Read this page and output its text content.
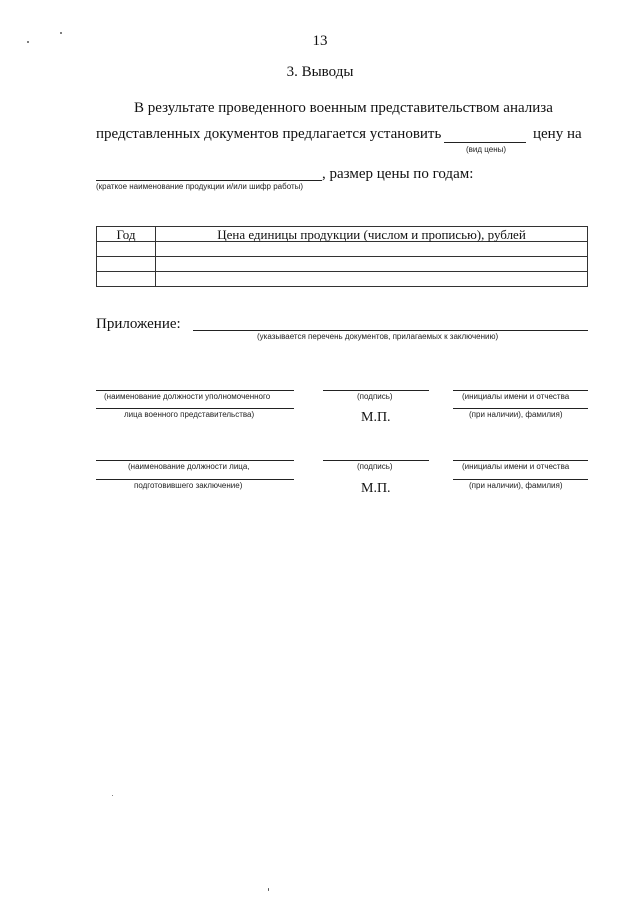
13
3. Выводы
В результате проведенного военным представительством анализа
представленных документов предлагается установить	цену на
(вид цены)
, размер цены по годам:
(краткое наименование продукции и/или шифр работы)
Год	Цена единицы продукции (числом и прописью), рублей

Приложение:
(указывается перечень документов, прилагаемых к заключению)
(наименование должности уполномоченного
лица военного представительства)
(подпись)
М.П.
(инициалы имени и отчества
(при наличии), фамилия)
(наименование должности лица,
подготовившего заключение)
(подпись)
М.П.
(инициалы имени и отчества
(при наличии), фамилия)
